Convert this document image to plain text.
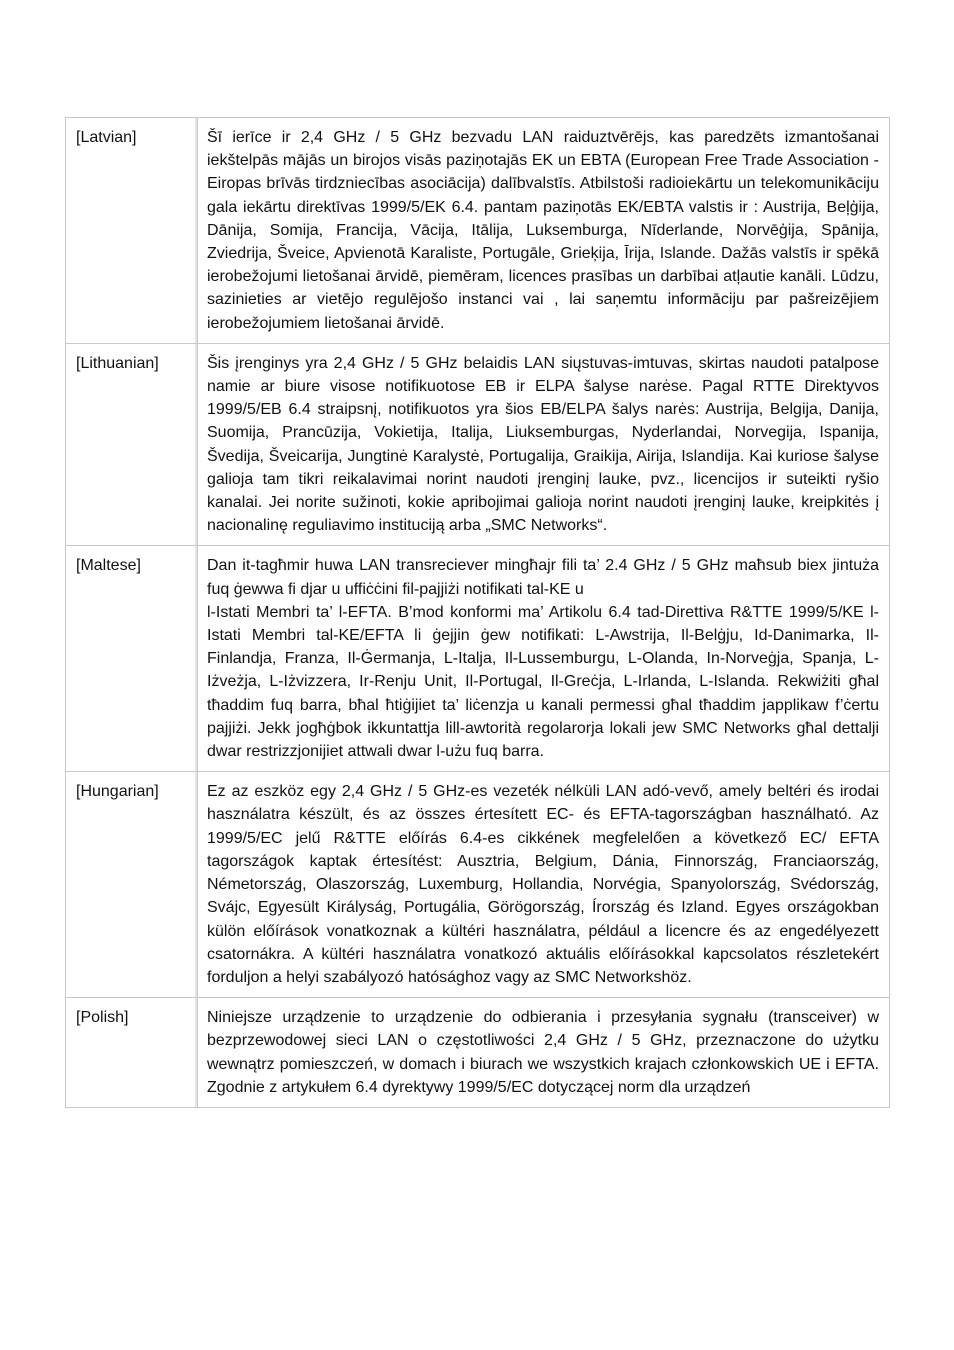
[Latvian]	Šī ierīce ir 2,4 GHz / 5 GHz bezvadu LAN raiduztvērējs, kas paredzēts izmantošanai iekštelpās mājās un birojos visās paziņotajās EK un EBTA (European Free Trade Association - Eiropas brīvās tirdzniecības asociācija) dalībvalstīs. Atbilstoši radioiekārtu un telekomunikāciju gala iekārtu direktīvas 1999/5/EK 6.4. pantam paziņotās EK/EBTA valstis ir : Austrija, Beļģija, Dānija, Somija, Francija, Vācija, Itālija, Luksemburga, Nīderlande, Norvēģija, Spānija, Zviedrija, Šveice, Apvienotā Karaliste, Portugāle, Grieķija, Īrija, Islande. Dažās valstīs ir spēkā ierobežojumi lietošanai ārvidē, piemēram, licences prasības un darbībai atļautie kanāli. Lūdzu, sazinieties ar vietējo regulējošo instanci vai , lai saņemtu informāciju par pašreizējiem ierobežojumiem lietošanai ārvidē.

[Lithuanian]	Šis įrenginys yra 2,4 GHz / 5 GHz belaidis LAN siųstuvas-imtuvas, skirtas naudoti patalpose namie ar biure visose notifikuotose EB ir ELPA šalyse narėse. Pagal RTTE Direktyvos 1999/5/EB 6.4 straipsnį, notifikuotos yra šios EB/ELPA šalys narės: Austrija, Belgija, Danija, Suomija, Prancūzija, Vokietija, Italija, Liuksemburgas, Nyderlandai, Norvegija, Ispanija, Švedija, Šveicarija, Jungtinė Karalystė, Portugalija, Graikija, Airija, Islandija. Kai kuriose šalyse galioja tam tikri reikalavimai norint naudoti įrenginį lauke, pvz., licencijos ir suteikti ryšio kanalai. Jei norite sužinoti, kokie apribojimai galioja norint naudoti įrenginį lauke, kreipkitės į nacionalinę reguliavimo instituciją arba „SMC Networks“.

[Maltese]	Dan it-tagħmir huwa LAN transreciever mingħajr fili ta’ 2.4 GHz / 5 GHz maħsub biex jintuża fuq ġewwa fi djar u uffiċċini fil-pajjiżi notifikati tal-KE u

l-Istati Membri ta’ l-EFTA. B’mod konformi ma’ Artikolu 6.4 tad-Direttiva R&TTE 1999/5/KE l-Istati Membri tal-KE/EFTA li ġejjin ġew notifikati: L-Awstrija, Il-Belġju, Id-Danimarka, Il-Finlandja, Franza, Il-Ġermanja, L-Italja, Il-Lussemburgu, L-Olanda, In-Norveġja, Spanja, L-Iżveżja, L-Iżvizzera, Ir-Renju Unit, Il-Portugal, Il-Greċja, L-Irlanda, L-Islanda. Rekwiżiti għal tħaddim fuq barra, bħal ħtiġijiet ta’ liċenzja u kanali permessi għal tħaddim japplikaw f’ċertu pajjiżi. Jekk jogħġbok ikkuntattja lill-awtorità regolarorja lokali jew SMC Networks għal dettalji dwar restrizzjonijiet attwali dwar l-użu fuq barra.

[Hungarian]	Ez az eszköz egy 2,4 GHz / 5 GHz-es vezeték nélküli LAN adó-vevő, amely beltéri és irodai használatra készült, és az összes értesített EC- és EFTA-tagországban használható. Az 1999/5/EC jelű R&TTE előírás 6.4-es cikkének megfelelően a következő EC/ EFTA tagországok kaptak értesítést: Ausztria, Belgium, Dánia, Finnország, Franciaország, Németország, Olaszország, Luxemburg, Hollandia, Norvégia, Spanyolország, Svédország, Svájc, Egyesült Királyság, Portugália, Görögország, Írország és Izland. Egyes országokban külön előírások vonatkoznak a kültéri használatra, például a licencre és az engedélyezett csatornákra. A kültéri használatra vonatkozó aktuális előírásokkal kapcsolatos részletekért forduljon a helyi szabályozó hatósághoz vagy az SMC Networkshöz.

[Polish]	Niniejsze urządzenie to urządzenie do odbierania i przesyłania sygnału (transceiver) w bezprzewodowej sieci LAN o częstotliwości 2,4 GHz / 5 GHz, przeznaczone do użytku wewnątrz pomieszczeń, w domach i biurach we wszystkich krajach członkowskich UE i EFTA. Zgodnie z artykułem 6.4 dyrektywy 1999/5/EC dotyczącej norm dla urządzeń
